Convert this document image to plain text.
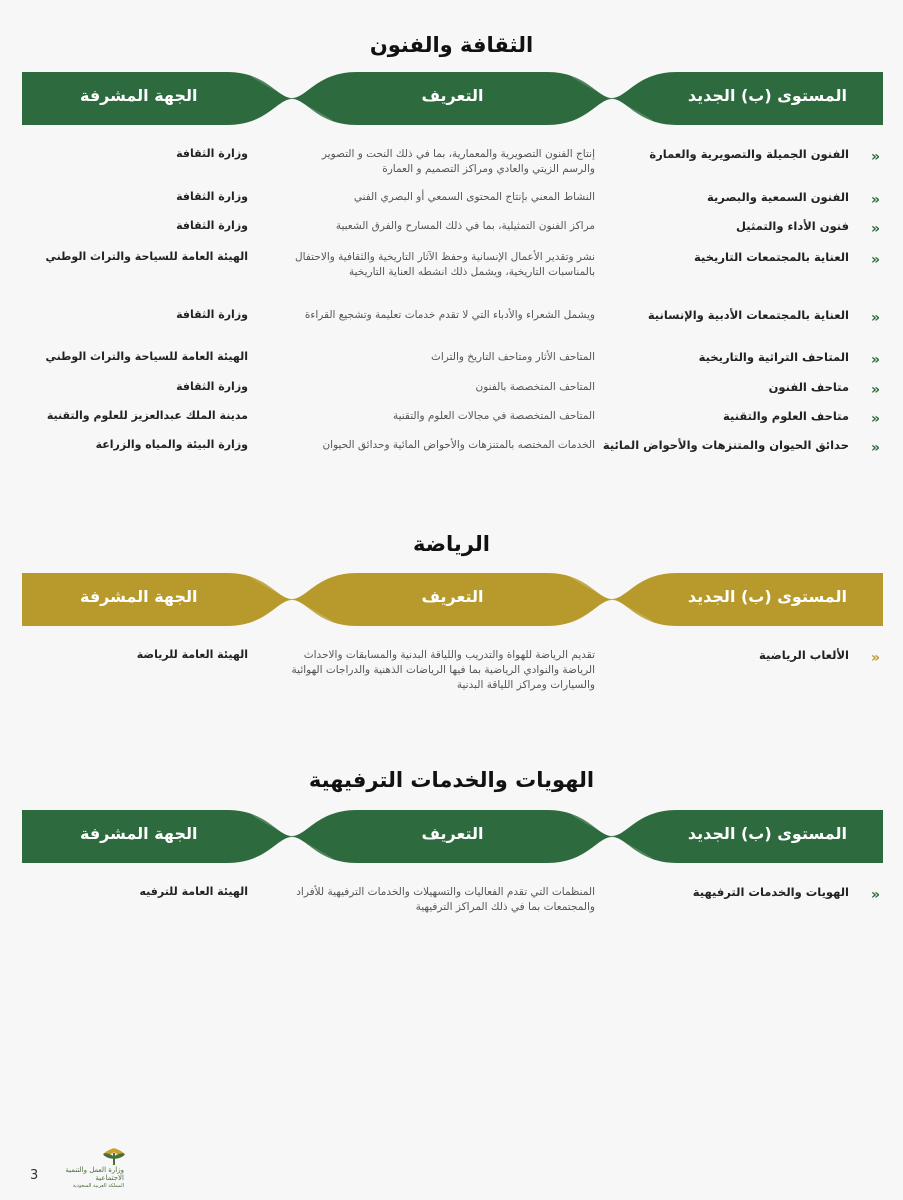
الثقافة والفنون
المستوى (ب) الجديد
التعريف
الجهة المشرفة
«
الفنون الجميلة والتصويرية والعمارة
إنتاج الفنون التصويرية والمعمارية، بما في ذلك النحت و التصوير والرسم الزيتي والعادي ومراكز التصميم و العمارة
وزارة الثقافة
«
الفنون السمعية والبصرية
النشاط المعني بإنتاج المحتوى السمعي أو البصري الفني
وزارة الثقافة
«
فنون الأداء والتمثيل
مراكز الفنون التمثيلية، بما في ذلك المسارح والفرق الشعبية
وزارة الثقافة
«
العناية بالمجتمعات التاريخية
نشر وتقدير الأعمال الإنسانية وحفظ الآثار التاريخية والثقافية والاحتفال بالمناسبات التاريخية، ويشمل ذلك انشطه العناية التاريخية
الهيئة العامة للسياحة والتراث الوطني
«
العناية بالمجتمعات الأدبية والإنسانية
ويشمل الشعراء والأدباء التي لا تقدم خدمات تعليمة وتشجيع القراءة
وزارة الثقافة
«
المتاحف التراثية والتاريخية
المتاحف الأثار ومتاحف التاريخ والتراث
الهيئة العامة للسياحة والتراث الوطني
«
متاحف الفنون
المتاحف المتخصصة بالفنون
وزارة الثقافة
«
متاحف العلوم والتقنية
المتاحف المتخصصة في مجالات العلوم والتقنية
مدينة الملك عبدالعزيز للعلوم والتقنية
«
حدائق الحيوان والمتنزهات والأحواض المائية
الخدمات المختصه بالمتنزهات والأحواض المائية وحدائق الحيوان
وزارة البيئة والمياه والزراعة
الرياضة
المستوى (ب) الجديد
التعريف
الجهة المشرفة
«
الألعاب الرياضية
تقديم الرياضة للهواة والتدريب واللياقة البدنية والمسابقات والاحداث الرياضة والنوادي الرياضية بما فيها الرياضات الذهنية والدراجات الهوائية والسيارات ومراكز اللياقة البدنية
الهيئة العامة للرياضة
الهويات والخدمات الترفيهية
المستوى (ب) الجديد
التعريف
الجهة المشرفة
«
الهويات والخدمات الترفيهية
المنظمات التي تقدم الفعاليات والتسهيلات والخدمات الترفيهية للأفراد والمجتمعات بما في ذلك المراكز الترفيهية
الهيئة العامة للترفيه
3	وزارة العمل والتنمية الاجتماعية
المملكة العربية السعودية
